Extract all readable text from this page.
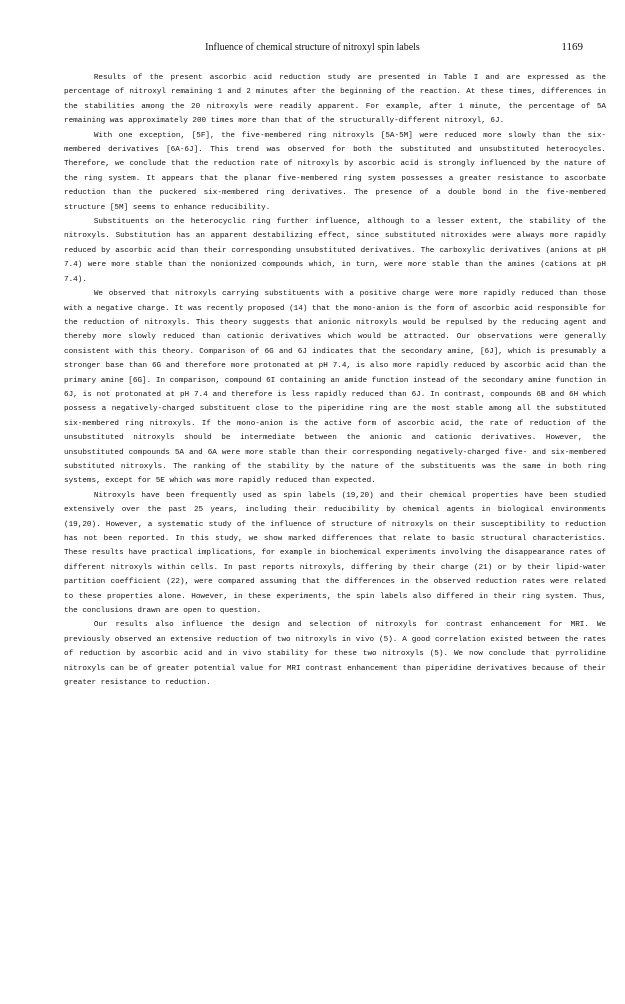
Influence of chemical structure of nitroxyl spin labels	1169

Results of the present ascorbic acid reduction study are presented in Table I and are expressed as the percentage of nitroxyl remaining 1 and 2 minutes after the beginning of the reaction. At these times, differences in the stabilities among the 20 nitroxyls were readily apparent. For example, after 1 minute, the percentage of 5A remaining was approximately 200 times more than that of the structurally-different nitroxyl, 6J.

With one exception, [5F], the five-membered ring nitroxyls [5A-5M] were reduced more slowly than the six-membered derivatives [6A-6J]. This trend was observed for both the substituted and unsubstituted heterocycles. Therefore, we conclude that the reduction rate of nitroxyls by ascorbic acid is strongly influenced by the nature of the ring system. It appears that the planar five-membered ring system possesses a greater resistance to ascorbate reduction than the puckered six-membered ring derivatives. The presence of a double bond in the five-membered structure [5M] seems to enhance reducibility.

Substituents on the heterocyclic ring further influence, although to a lesser extent, the stability of the nitroxyls. Substitution has an apparent destabilizing effect, since substituted nitroxides were always more rapidly reduced by ascorbic acid than their corresponding unsubstituted derivatives. The carboxylic derivatives (anions at pH 7.4) were more stable than the nonionized compounds which, in turn, were more stable than the amines (cations at pH 7.4).

We observed that nitroxyls carrying substituents with a positive charge were more rapidly reduced than those with a negative charge. It was recently proposed (14) that the mono-anion is the form of ascorbic acid responsible for the reduction of nitroxyls. This theory suggests that anionic nitroxyls would be repulsed by the reducing agent and thereby more slowly reduced than cationic derivatives which would be attracted. Our observations were generally consistent with this theory. Comparison of 6G and 6J indicates that the secondary amine, [6J], which is presumably a stronger base than 6G and therefore more protonated at pH 7.4, is also more rapidly reduced by ascorbic acid than the primary amine [6G]. In comparison, compound 6I containing an amide function instead of the secondary amine function in 6J, is not protonated at pH 7.4 and therefore is less rapidly reduced than 6J. In contrast, compounds 6B and 6H which possess a negatively-charged substituent close to the piperidine ring are the most stable among all the substituted six-membered ring nitroxyls. If the mono-anion is the active form of ascorbic acid, the rate of reduction of the unsubstituted nitroxyls should be intermediate between the anionic and cationic derivatives. However, the unsubstituted compounds 5A and 6A were more stable than their corresponding negatively-charged five- and six-membered substituted nitroxyls. The ranking of the stability by the nature of the substituents was the same in both ring systems, except for 5E which was more rapidly reduced than expected.

Nitroxyls have been frequently used as spin labels (19,20) and their chemical properties have been studied extensively over the past 25 years, including their reducibility by chemical agents in biological environments (19,20). However, a systematic study of the influence of structure of nitroxyls on their susceptibility to reduction has not been reported. In this study, we show marked differences that relate to basic structural characteristics. These results have practical implications, for example in biochemical experiments involving the disappearance rates of different nitroxyls within cells. In past reports nitroxyls, differing by their charge (21) or by their lipid-water partition coefficient (22), were compared assuming that the differences in the observed reduction rates were related to these properties alone. However, in these experiments, the spin labels also differed in their ring system. Thus, the conclusions drawn are open to question.

Our results also influence the design and selection of nitroxyls for contrast enhancement for MRI. We previously observed an extensive reduction of two nitroxyls in vivo (5). A good correlation existed between the rates of reduction by ascorbic acid and in vivo stability for these two nitroxyls (5). We now conclude that pyrrolidine nitroxyls can be of greater potential value for MRI contrast enhancement than piperidine derivatives because of their greater resistance to reduction.
